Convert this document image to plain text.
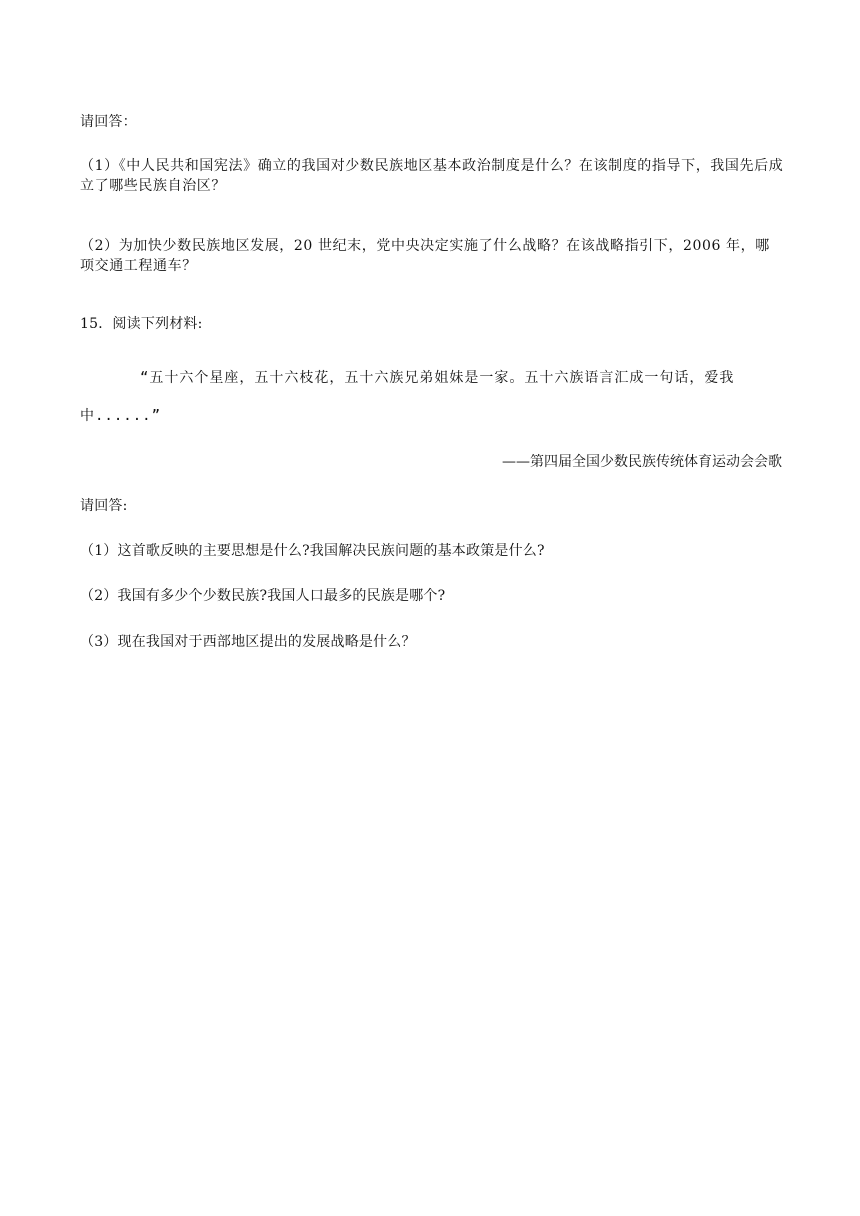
请回答：
（1）《中人民共和国宪法》确立的我国对少数民族地区基本政治制度是什么？在该制度的指导下，我国先后成立了哪些民族自治区？
（2）为加快少数民族地区发展，20 世纪末，党中央决定实施了什么战略？在该战略指引下，2006 年，哪项交通工程通车？
15．阅读下列材料:
“五十六个星座，五十六枝花，五十六族兄弟姐妹是一家。五十六族语言汇成一句话，爱我
中......”
——第四届全国少数民族传统体育运动会会歌
请回答:
（1）这首歌反映的主要思想是什么?我国解决民族问题的基本政策是什么?
（2）我国有多少个少数民族?我国人口最多的民族是哪个?
（3）现在我国对于西部地区提出的发展战略是什么？
